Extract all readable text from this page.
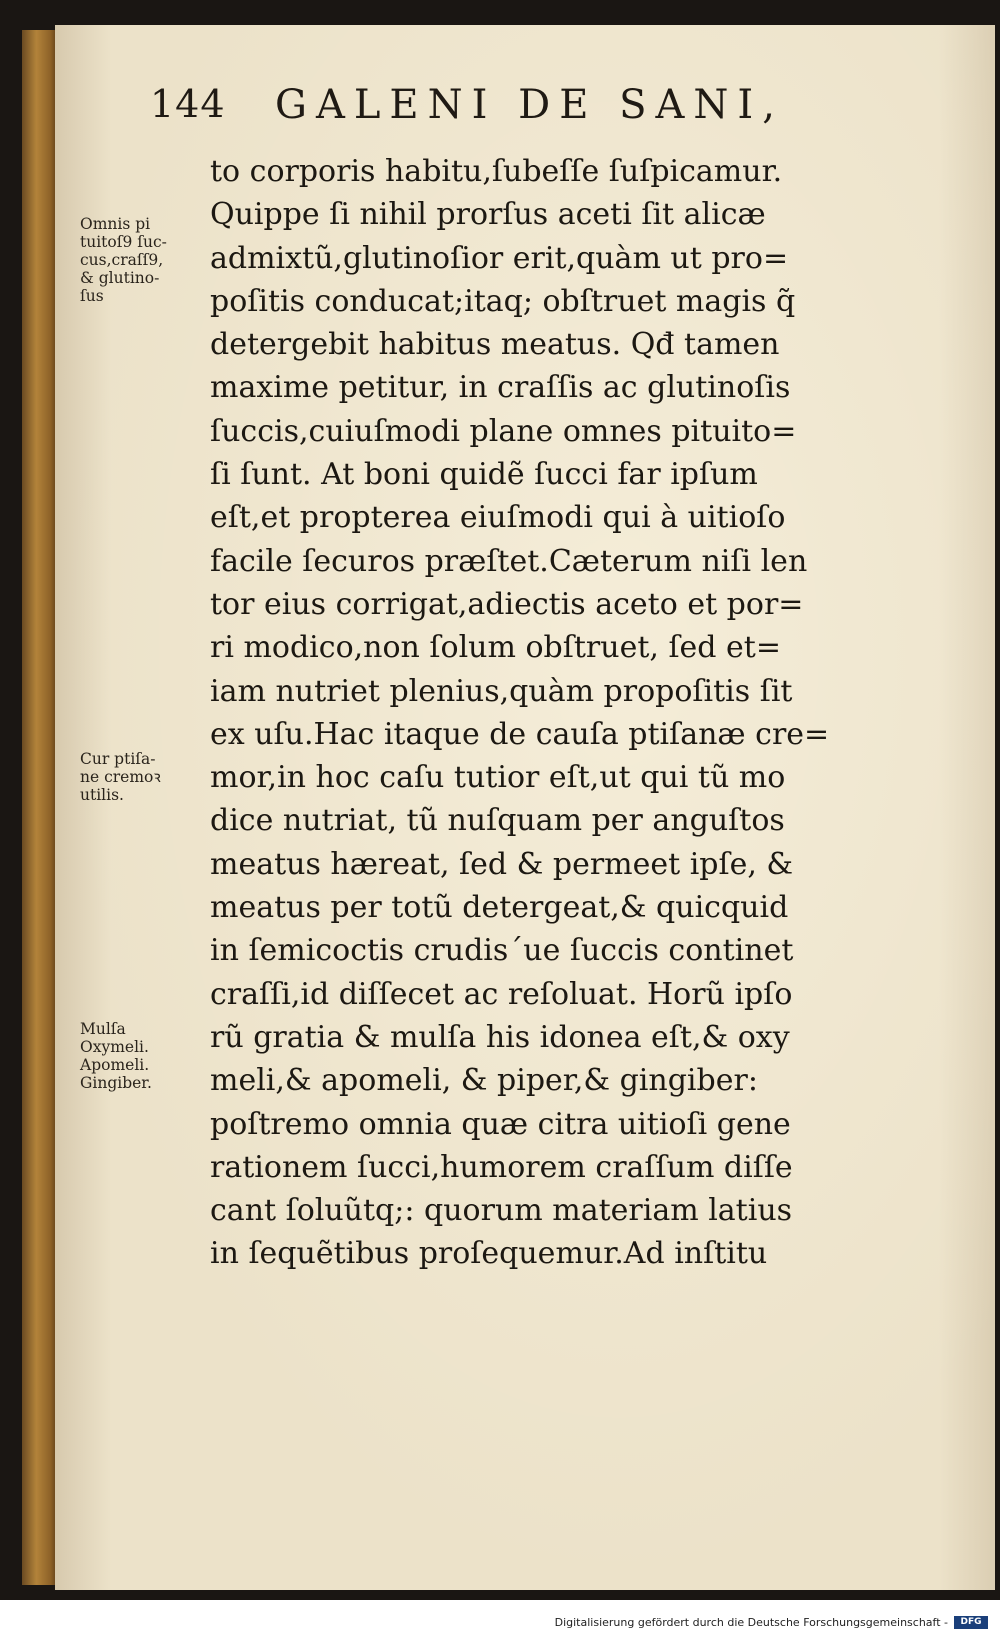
144 GALENI DE SANI,
Omnis pi
tuitoſ9 ſuc-
cus,craſſ9,
& glutino-
ſus
Cur ptiſa-
ne cremoꝛ
utilis.
Mulſa
Oxymeli.
Apomeli.
Gingiber.
to corporis habitu,ſubeſſe ſuſpicamur.
Quippe ſi nihil prorſus aceti ſit alicæ
admixtũ,glutinoſior erit,quàm ut pro=
poſitis conducat;itaq; obſtruet magis q̃
detergebit habitus meatus. Qđ tamen
maxime petitur, in craſſis ac glutinoſis
ſuccis,cuiuſmodi plane omnes pituito=
ſi ſunt. At boni quidẽ ſucci far ipſum
eſt,et propterea eiuſmodi qui à uitioſo
facile ſecuros præſtet.Cæterum niſi len
tor eius corrigat,adiectis aceto et por=
ri modico,non ſolum obſtruet, ſed et=
iam nutriet plenius,quàm propoſitis ſit
ex uſu.Hac itaque de cauſa ptiſanæ cre=
mor,in hoc caſu tutior eſt,ut qui tũ mo
dice nutriat, tũ nuſquam per anguſtos
meatus hæreat, ſed & permeet ipſe, &
meatus per totũ detergeat,& quicquid
in ſemicoctis crudis´ue ſuccis continet
craſſi,id diſſecet ac reſoluat. Horũ ipſo
rũ gratia & mulſa his idonea eſt,& oxy
meli,& apomeli, & piper,& gingiber:
poſtremo omnia quæ citra uitioſi gene
rationem ſucci,humorem craſſum diſſe
cant ſoluũtq;: quorum materiam latius
in ſequẽtibus proſequemur.Ad inſtitu
Digitalisierung gefördert durch die Deutsche Forschungsgemeinschaft -	DFG
